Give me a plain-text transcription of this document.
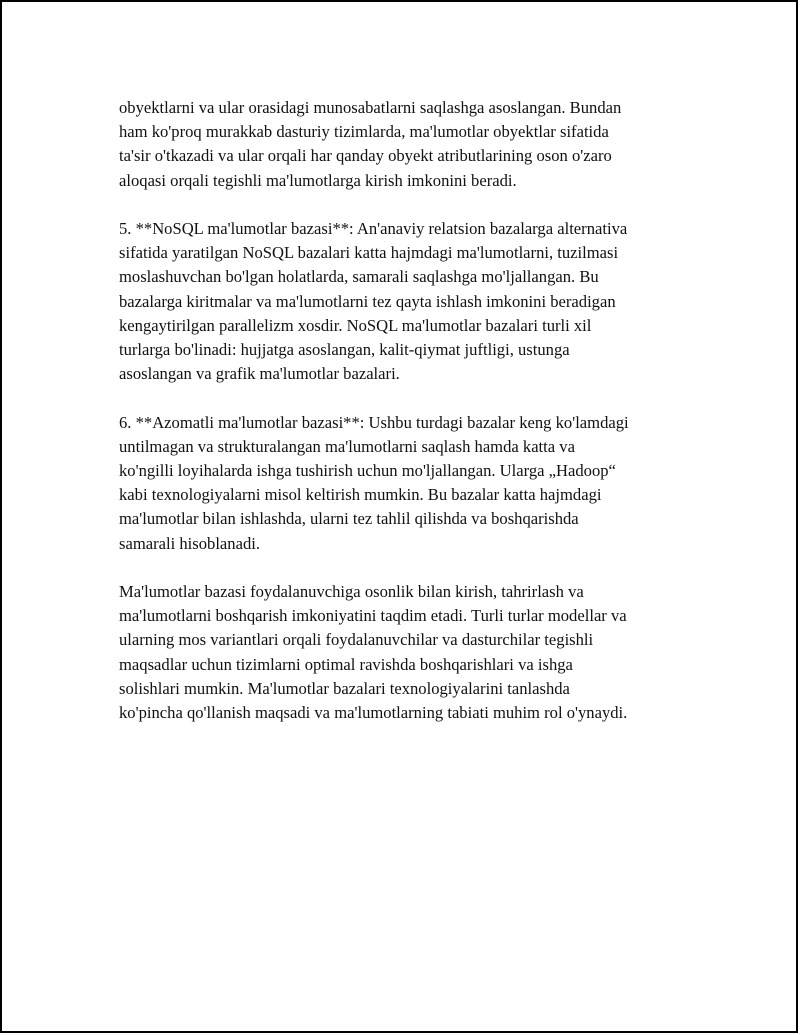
obyektlarni va ular orasidagi munosabatlarni saqlashga asoslangan. Bundan
ham ko'proq murakkab dasturiy tizimlarda, ma'lumotlar obyektlar sifatida
ta'sir o'tkazadi va ular orqali har qanday obyekt atributlarining oson o'zaro
aloqasi orqali tegishli ma'lumotlarga kirish imkonini beradi.

5. **NoSQL ma'lumotlar bazasi**: An'anaviy relatsion bazalarga alternativa
sifatida yaratilgan NoSQL bazalari katta hajmdagi ma'lumotlarni, tuzilmasi
moslashuvchan bo'lgan holatlarda, samarali saqlashga mo'ljallangan. Bu
bazalarga kiritmalar va ma'lumotlarni tez qayta ishlash imkonini beradigan
kengaytirilgan parallelizm xosdir. NoSQL ma'lumotlar bazalari turli xil
turlarga bo'linadi: hujjatga asoslangan, kalit-qiymat juftligi, ustunga
asoslangan va grafik ma'lumotlar bazalari.

6. **Azomatli ma'lumotlar bazasi**: Ushbu turdagi bazalar keng ko'lamdagi
untilmagan va strukturalangan ma'lumotlarni saqlash hamda katta va
ko'ngilli loyihalarda ishga tushirish uchun mo'ljallangan. Ularga „Hadoop“
kabi texnologiyalarni misol keltirish mumkin. Bu bazalar katta hajmdagi
ma'lumotlar bilan ishlashda, ularni tez tahlil qilishda va boshqarishda
samarali hisoblanadi.

Ma'lumotlar bazasi foydalanuvchiga osonlik bilan kirish, tahrirlash va
ma'lumotlarni boshqarish imkoniyatini taqdim etadi. Turli turlar modellar va
ularning mos variantlari orqali foydalanuvchilar va dasturchilar tegishli
maqsadlar uchun tizimlarni optimal ravishda boshqarishlari va ishga
solishlari mumkin. Ma'lumotlar bazalari texnologiyalarini tanlashda
ko'pincha qo'llanish maqsadi va ma'lumotlarning tabiati muhim rol o'ynaydi.
